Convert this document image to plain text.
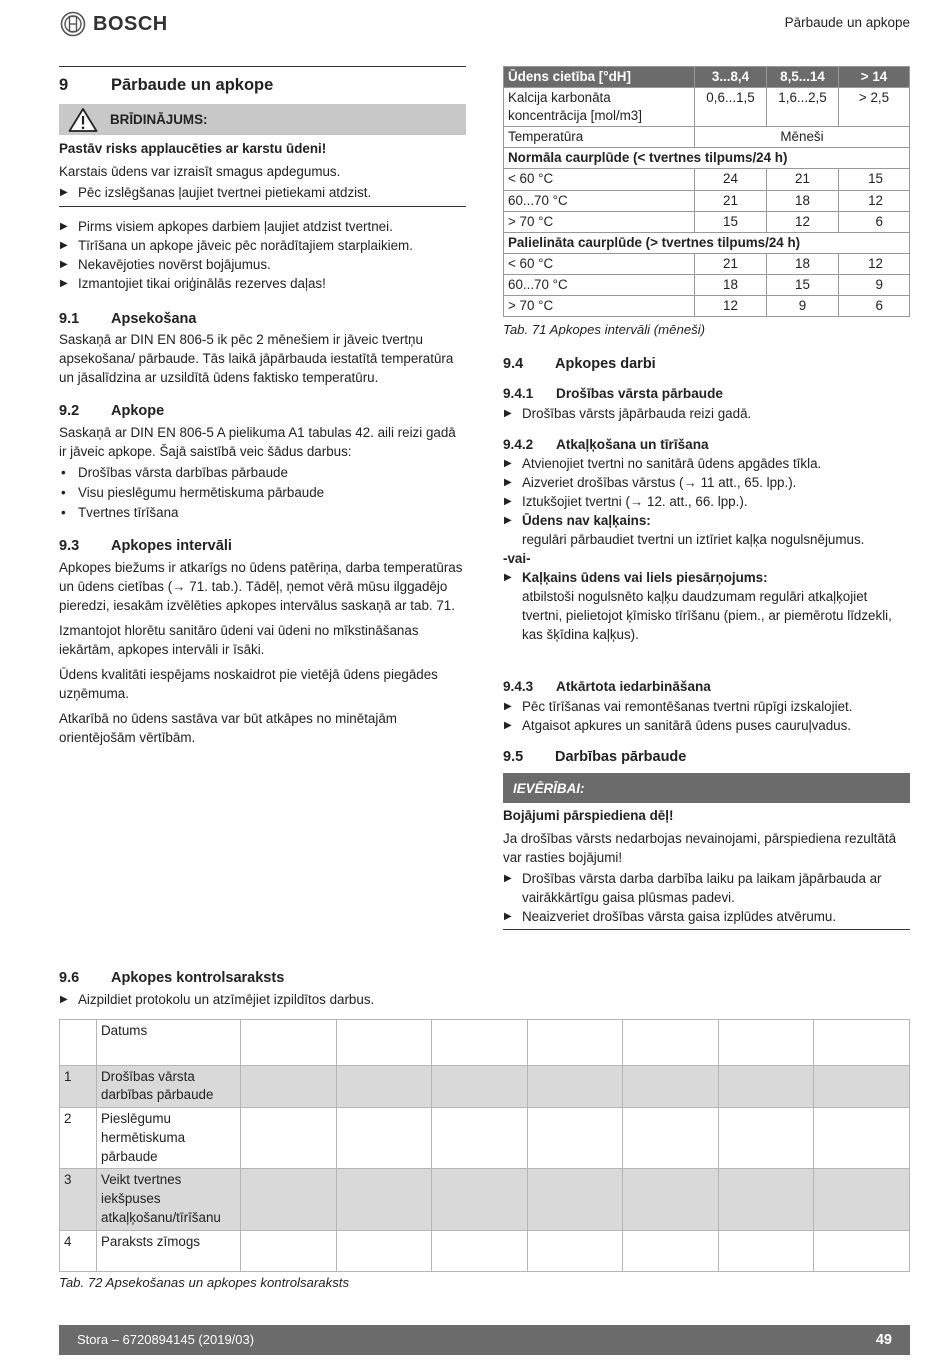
BOSCH	Pārbaude un apkope
9	Pārbaude un apkope
BRĪDINĀJUMS:

Pastāv risks applaucēties ar karstu ūdeni!

Karstais ūdens var izraisīt smagus apdegumus.

▶ Pēc izslēgšanas ļaujiet tvertnei pietiekami atdzist.
▶ Pirms visiem apkopes darbiem ļaujiet atdzist tvertnei.
▶ Tīrīšana un apkope jāveic pēc norādītajiem starplaikiem.
▶ Nekavējoties novērst bojājumus.
▶ Izmantojiet tikai oriģinālās rezerves daļas!
9.1	Apsekošana

Saskaņā ar DIN EN 806-5 ik pēc 2 mēnešiem ir jāveic tvertņu apsekošana/ pārbaude. Tās laikā jāpārbauda iestatītā temperatūra un jāsalīdzina ar uzsildītā ūdens faktisko temperatūru.

9.2	Apkope

Saskaņā ar DIN EN 806-5 A pielikuma A1 tabulas 42. aili reizi gadā ir jāveic apkope. Šajā saistībā veic šādus darbus:

• Drošības vārsta darbības pārbaude
• Visu pieslēgumu hermētiskuma pārbaude
• Tvertnes tīrīšana
9.3	Apkopes intervāli

Apkopes biežums ir atkarīgs no ūdens patēriņa, darba temperatūras un ūdens cietības (→ 71. tab.). Tādēļ, ņemot vērā mūsu ilggadējo pieredzi, iesakām izvēlēties apkopes intervālus saskaņā ar tab. 71.

Izmantojot hlorētu sanitāro ūdeni vai ūdeni no mīkstināšanas iekārtām, apkopes intervāli ir īsāki.

Ūdens kvalitāti iespējams noskaidrot pie vietējā ūdens piegādes uzņēmuma.

Atkarībā no ūdens sastāva var būt atkāpes no minētajām orientējošām vērtībām.

Ūdens cietība [°dH]	3...8,4	8,5...14	> 14
Kalcija karbonāta koncentrācija [mol/m3]	0,6...1,5	1,6...2,5	> 2,5
Temperatūra	Mēneši		
Normāla caurplūde (< tvertnes tilpums/24 h)			
< 60 °C	24	21	15
60...70 °C	21	18	12
> 70 °C	15	12	6
Palielināta caurplūde (> tvertnes tilpums/24 h)			
< 60 °C	21	18	12
60...70 °C	18	15	9
> 70 °C	12	9	6

Tab. 71 Apkopes intervāli (mēneši)

9.4	Apkopes darbi
9.4.1	Drošības vārsta pārbaude
▶ Drošības vārsts jāpārbauda reizi gadā.
9.4.2	Atkaļķošana un tīrīšana
▶ Atvienojiet tvertni no sanitārā ūdens apgādes tīkla.
▶ Aizveriet drošības vārstus (→ 11 att., 65. lpp.).
▶ Iztukšojiet tvertni (→ 12. att., 66. lpp.).
▶ Ūdens nav kaļķains:
regulāri pārbaudiet tvertni un iztīriet kaļķa nogulsnējumus.

-vai-

▶ Kaļķains ūdens vai liels piesārņojums:
atbilstoši nogulsnēto kaļķu daudzumam regulāri atkaļķojiet tvertni, pielietojot ķīmisko tīrīšanu (piem., ar piemērotu līdzekli, kas šķīdina kaļķus).
9.4.3	Atkārtota iedarbināšana
▶ Pēc tīrīšanas vai remontēšanas tvertni rūpīgi izskalojiet.
▶ Atgaisot apkures un sanitārā ūdens puses cauruļvadus.
9.5	Darbības pārbaude
IEVĒRĪBAI:

Bojājumi pārspiediena dēļ!

Ja drošības vārsts nedarbojas nevainojami, pārspiediena rezultātā var rasties bojājumi!

▶ Drošības vārsta darba darbība laiku pa laikam jāpārbauda ar vairākkārtīgu gaisa plūsmas padevi.
▶ Neaizveriet drošības vārsta gaisa izplūdes atvērumu.
9.6	Apkopes kontrolsaraksts
▶ Aizpildiet protokolu un atzīmējiet izpildītos darbus.
	Datums							
1	Drošības vārsta darbības pārbaude							
2	Pieslēgumu hermētiskuma pārbaude							
3	Veikt tvertnes iekšpuses atkaļķošanu/tīrīšanu							
4	Paraksts zīmogs							

Tab. 72 Apsekošanas un apkopes kontrolsaraksts

Stora – 6720894145 (2019/03)	49
